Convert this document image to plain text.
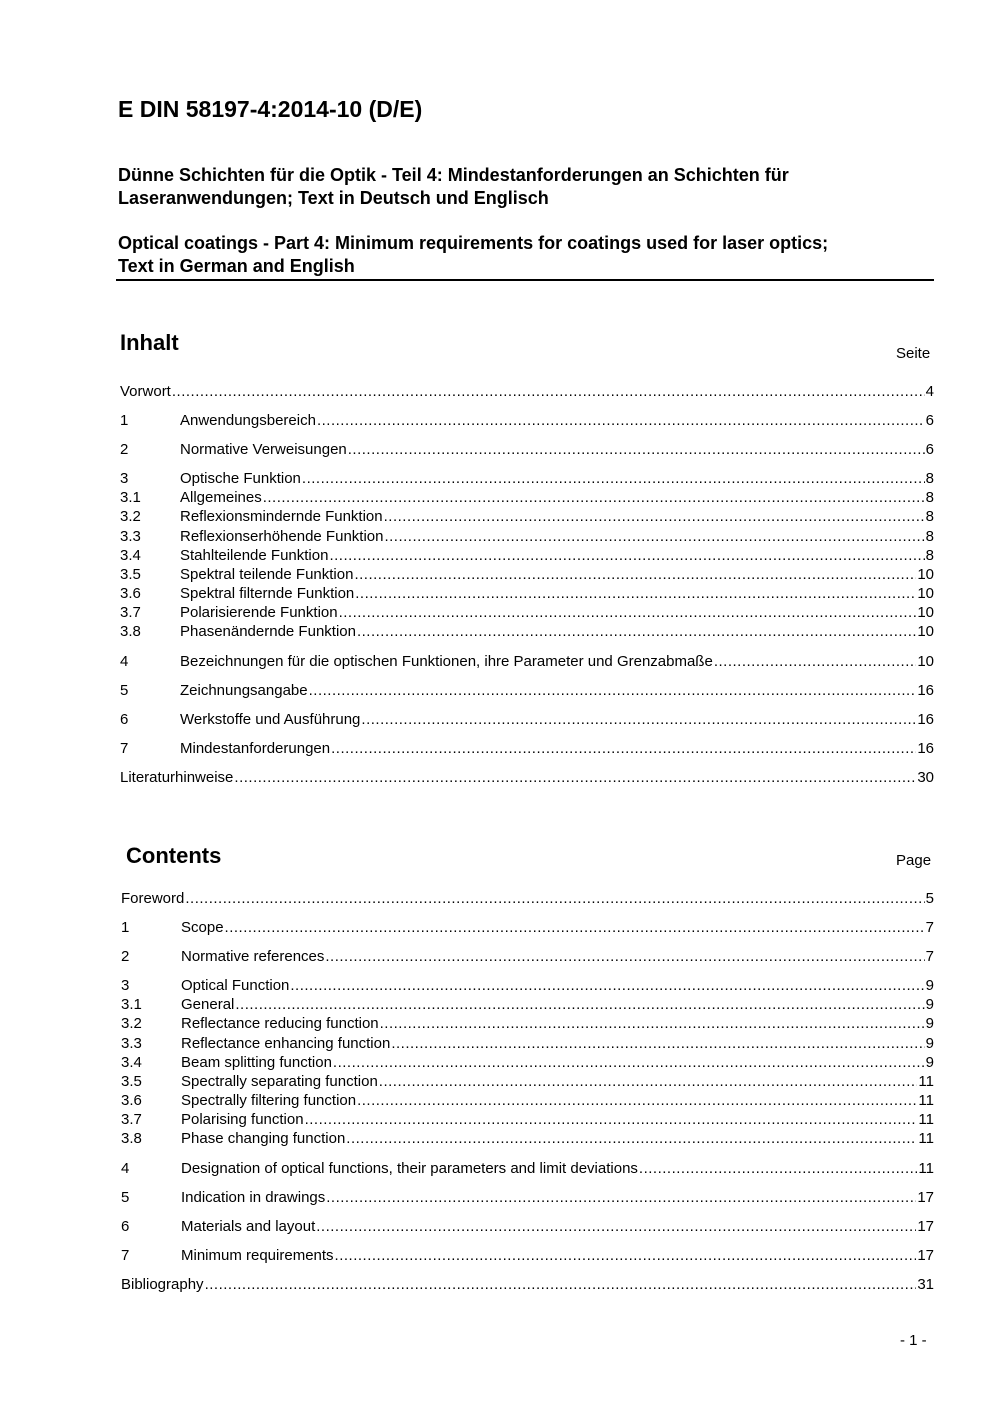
E DIN 58197-4:2014-10 (D/E)
Dünne Schichten für die Optik - Teil 4: Mindestanforderungen an Schichten für
Laseranwendungen; Text in Deutsch und Englisch
Optical coatings - Part 4: Minimum requirements for coatings used for laser optics;
Text in German and English
Inhalt	Seite
Vorwort .....	4
1	Anwendungsbereich .....	6
2	Normative Verweisungen .....	6
3	Optische Funktion .....	8
3.1	Allgemeines .....	8
3.2	Reflexionsmindernde Funktion .....	8
3.3	Reflexionserhöhende Funktion .....	8
3.4	Stahlteilende Funktion .....	8
3.5	Spektral teilende Funktion .....	10
3.6	Spektral filternde Funktion .....	10
3.7	Polarisierende Funktion .....	10
3.8	Phasenändernde Funktion .....	10
4	Bezeichnungen für die optischen Funktionen, ihre Parameter und Grenzabmaße .....	10
5	Zeichnungsangabe .....	16
6	Werkstoffe und Ausführung .....	16
7	Mindestanforderungen .....	16
Literaturhinweise .....	30
Contents	Page
Foreword .....	5
1	Scope .....	7
2	Normative references .....	7
3	Optical Function .....	9
3.1	General .....	9
3.2	Reflectance reducing function .....	9
3.3	Reflectance enhancing function .....	9
3.4	Beam splitting function .....	9
3.5	Spectrally separating function .....	11
3.6	Spectrally filtering function .....	11
3.7	Polarising function .....	11
3.8	Phase changing function .....	11
4	Designation of optical functions, their parameters and limit deviations .....	11
5	Indication in drawings .....	17
6	Materials and layout .....	17
7	Minimum requirements .....	17
Bibliography .....	31
- 1 -
